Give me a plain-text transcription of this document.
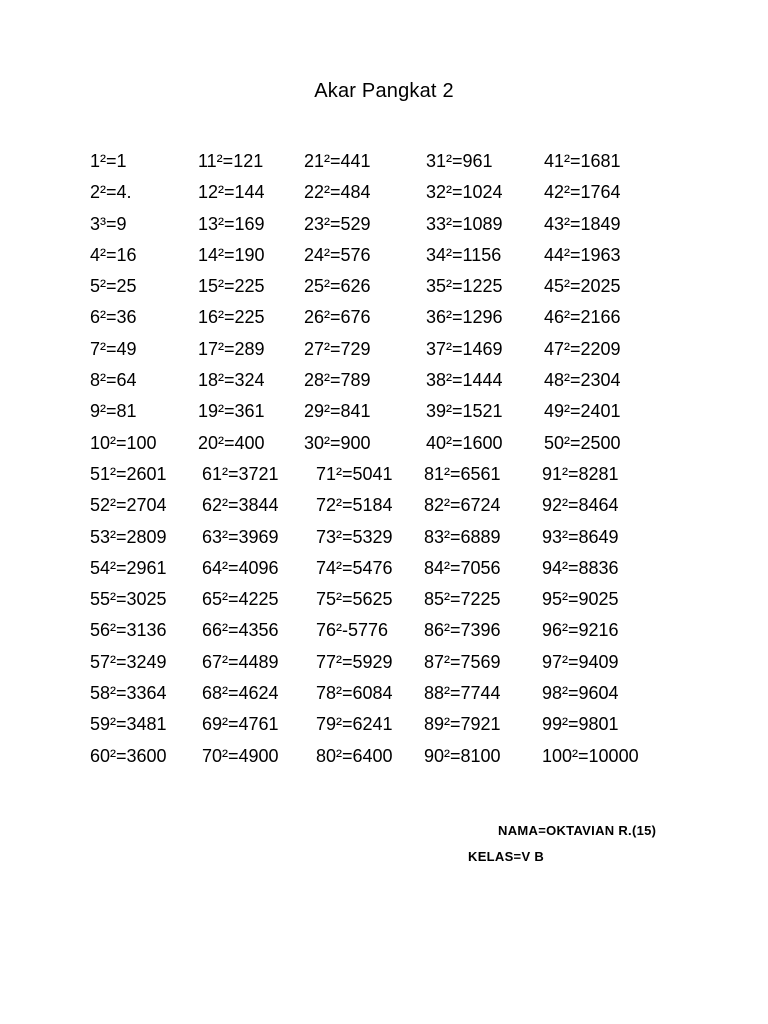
Akar Pangkat 2
1²=1	11²=121 21²=441	31²=961	41²=1681
2²=4.	12²=144 22²=484	32²=1024 42²=1764
3³=9	13²=169 23²=529	33²=1089 43²=1849
4²=16	14²=190 24²=576	34²=1156 44²=1963
5²=25	15²=225 25²=626	35²=1225 45²=2025
6²=36	16²=225 26²=676	36²=1296 46²=2166
7²=49	17²=289 27²=729	37²=1469 47²=2209
8²=64	18²=324 28²=789	38²=1444 48²=2304
9²=81	19²=361 29²=841	39²=1521 49²=2401
10²=100 20²=400 30²=900	40²=1600 50²=2500
51²=2601 61²=3721 71²=5041 81²=6561 91²=8281
52²=2704 62²=3844 72²=5184 82²=6724 92²=8464
53²=2809 63²=3969 73²=5329 83²=6889 93²=8649
54²=2961 64²=4096 74²=5476 84²=7056 94²=8836
55²=3025 65²=4225 75²=5625 85²=7225 95²=9025
56²=3136 66²=4356 76²-5776 86²=7396 96²=9216
57²=3249 67²=4489 77²=5929 87²=7569 97²=9409
58²=3364 68²=4624 78²=6084 88²=7744 98²=9604
59²=3481 69²=4761 79²=6241 89²=7921 99²=9801
60²=3600 70²=4900 80²=6400 90²=8100 100²=10000
NAMA=OKTAVIAN R.(15)
KELAS=V B
